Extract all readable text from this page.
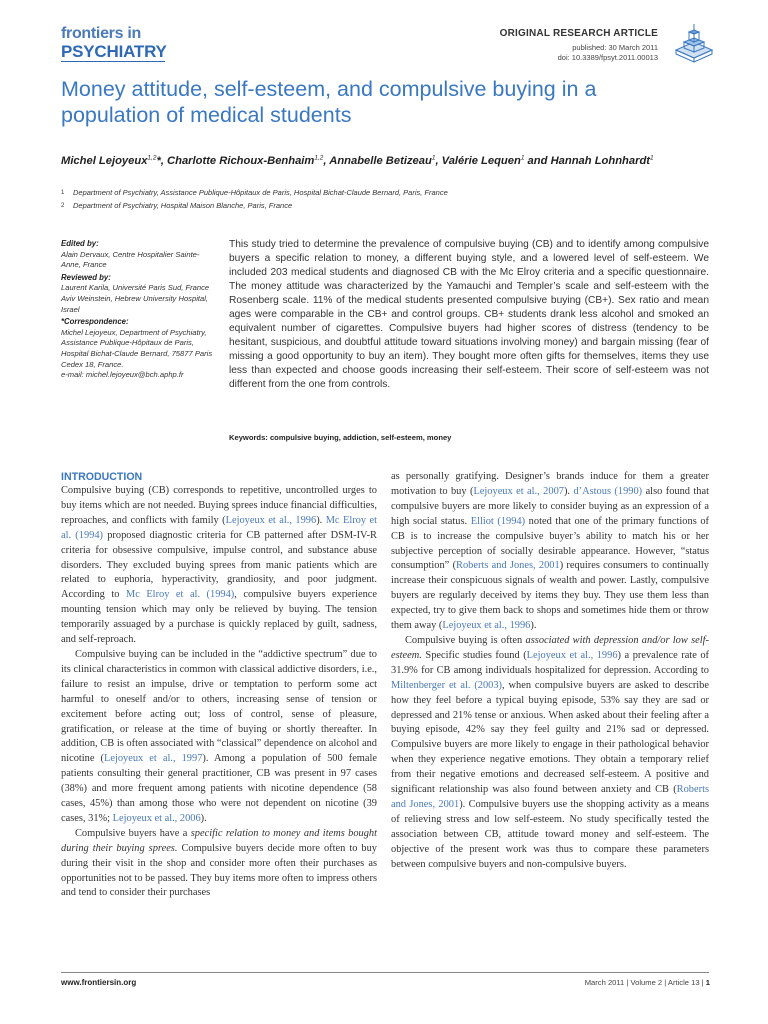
frontiers in
PSYCHIATRY
ORIGINAL RESEARCH ARTICLE
published: 30 March 2011
doi: 10.3389/fpsyt.2011.00013
Money attitude, self-esteem, and compulsive buying in a population of medical students
Michel Lejoyeux$^{1,2}$*, Charlotte Richoux-Benhaim$^{1,2}$, Annabelle Betizeau$^1$, Valérie Lequen$^1$ and Hannah Lohnhardt$^1$
1 Department of Psychiatry, Assistance Publique-Hôpitaux de Paris, Hospital Bichat-Claude Bernard, Paris, France
2 Department of Psychiatry, Hospital Maison Blanche, Paris, France
Edited by:
Alain Dervaux, Centre Hospitalier Sainte-Anne, France
Reviewed by:
Laurent Karila, Université Paris Sud, France
Aviv Weinstein, Hebrew University Hospital, Israel
*Correspondence:
Michel Lejoyeux, Department of Psychiatry, Assistance Publique-Hôpitaux de Paris, Hospital Bichat-Claude Bernard, 75877 Paris Cedex 18, France.
e-mail: michel.lejoyeux@bch.aphp.fr
This study tried to determine the prevalence of compulsive buying (CB) and to identify among compulsive buyers a specific relation to money, a different buying style, and a lowered level of self-esteem. We included 203 medical students and diagnosed CB with the Mc Elroy criteria and a specific questionnaire. The money attitude was characterized by the Yamauchi and Templer’s scale and self-esteem with the Rosenberg scale. 11% of the medical students presented compulsive buying (CB+). Sex ratio and mean ages were comparable in the CB+ and control groups. CB+ students drank less alcohol and smoked an equivalent number of cigarettes. Compulsive buyers had higher scores of distress (tendency to be hesitant, suspicious, and doubtful attitude toward situations involving money) and bargain missing (fear of missing a good opportunity to buy an item). They bought more often gifts for themselves, items they use less than expected and choose goods increasing their self-esteem. Their score of self-esteem was not different from the one from controls.
Keywords: compulsive buying, addiction, self-esteem, money
INTRODUCTION

Compulsive buying (CB) corresponds to repetitive, uncontrolled urges to buy items which are not needed. Buying sprees induce financial difficulties, reproaches, and conflicts with family (Lejoyeux et al., 1996). Mc Elroy et al. (1994) proposed diagnostic criteria for CB patterned after DSM-IV-R criteria for obsessive compulsive, impulse control, and substance abuse disorders. They excluded buying sprees from manic patients which are related to euphoria, hyperactivity, grandiosity, and poor judgment. According to Mc Elroy et al. (1994), compulsive buyers experience mounting tension which may only be relieved by buying. The tension temporarily assuaged by a purchase is quickly replaced by guilt, sadness, and self-reproach.

Compulsive buying can be included in the “addictive spectrum” due to its clinical characteristics in common with classical addictive disorders, i.e., failure to resist an impulse, drive or temptation to perform some act harmful to oneself and/or to others, increasing sense of tension or excitement before acting out; loss of control, sense of pleasure, gratification, or release at the time of buying or shortly thereafter. In addition, CB is often associated with “classical” dependence on alcohol and nicotine (Lejoyeux et al., 1997). Among a population of 500 female patients consulting their general practitioner, CB was present in 97 cases (38%) and more frequent among patients with nicotine dependence (58 cases, 45%) than among those who were not dependent on nicotine (39 cases, 31%; Lejoyeux et al., 2006).

Compulsive buyers have a specific relation to money and items bought during their buying sprees. Compulsive buyers decide more often to buy during their visit in the shop and consider more often their purchases as opportunities not to be passed. They buy items more often to impress others and tend to consider their purchases

as personally gratifying. Designer’s brands induce for them a greater motivation to buy (Lejoyeux et al., 2007). d’Astous (1990) also found that compulsive buyers are more likely to consider buying as an expression of a high social status. Elliot (1994) noted that one of the primary functions of CB is to increase the compulsive buyer’s ability to match his or her subjective perception of socially desirable appearance. However, “status consumption” (Roberts and Jones, 2001) requires consumers to continually increase their conspicuous signals of wealth and power. Lastly, compulsive buyers are regularly deceived by items they buy. They use them less than expected, try to give them back to shops and sometimes hide them or throw them away (Lejoyeux et al., 1996).

Compulsive buying is often associated with depression and/or low self-esteem. Specific studies found (Lejoyeux et al., 1996) a prevalence rate of 31.9% for CB among individuals hospitalized for depression. According to Miltenberger et al. (2003), when compulsive buyers are asked to describe how they feel before a typical buying episode, 53% say they are sad or depressed and 21% tense or anxious. When asked about their feeling after a buying episode, 42% say they feel guilty and 21% sad or depressed. Compulsive buyers are more likely to engage in their pathological behavior when they experience negative emotions. They obtain a temporary relief from their negative emotions and decreased self-esteem. A positive and significant relationship was also found between anxiety and CB (Roberts and Jones, 2001). Compulsive buyers use the shopping activity as a means of relieving stress and low self-esteem. No study specifically tested the association between CB, attitude toward money and self-esteem. The objective of the present work was thus to compare these parameters between compulsive buyers and non-compulsive buyers.

www.frontiersin.org	March 2011 | Volume 2 | Article 13 | 1
